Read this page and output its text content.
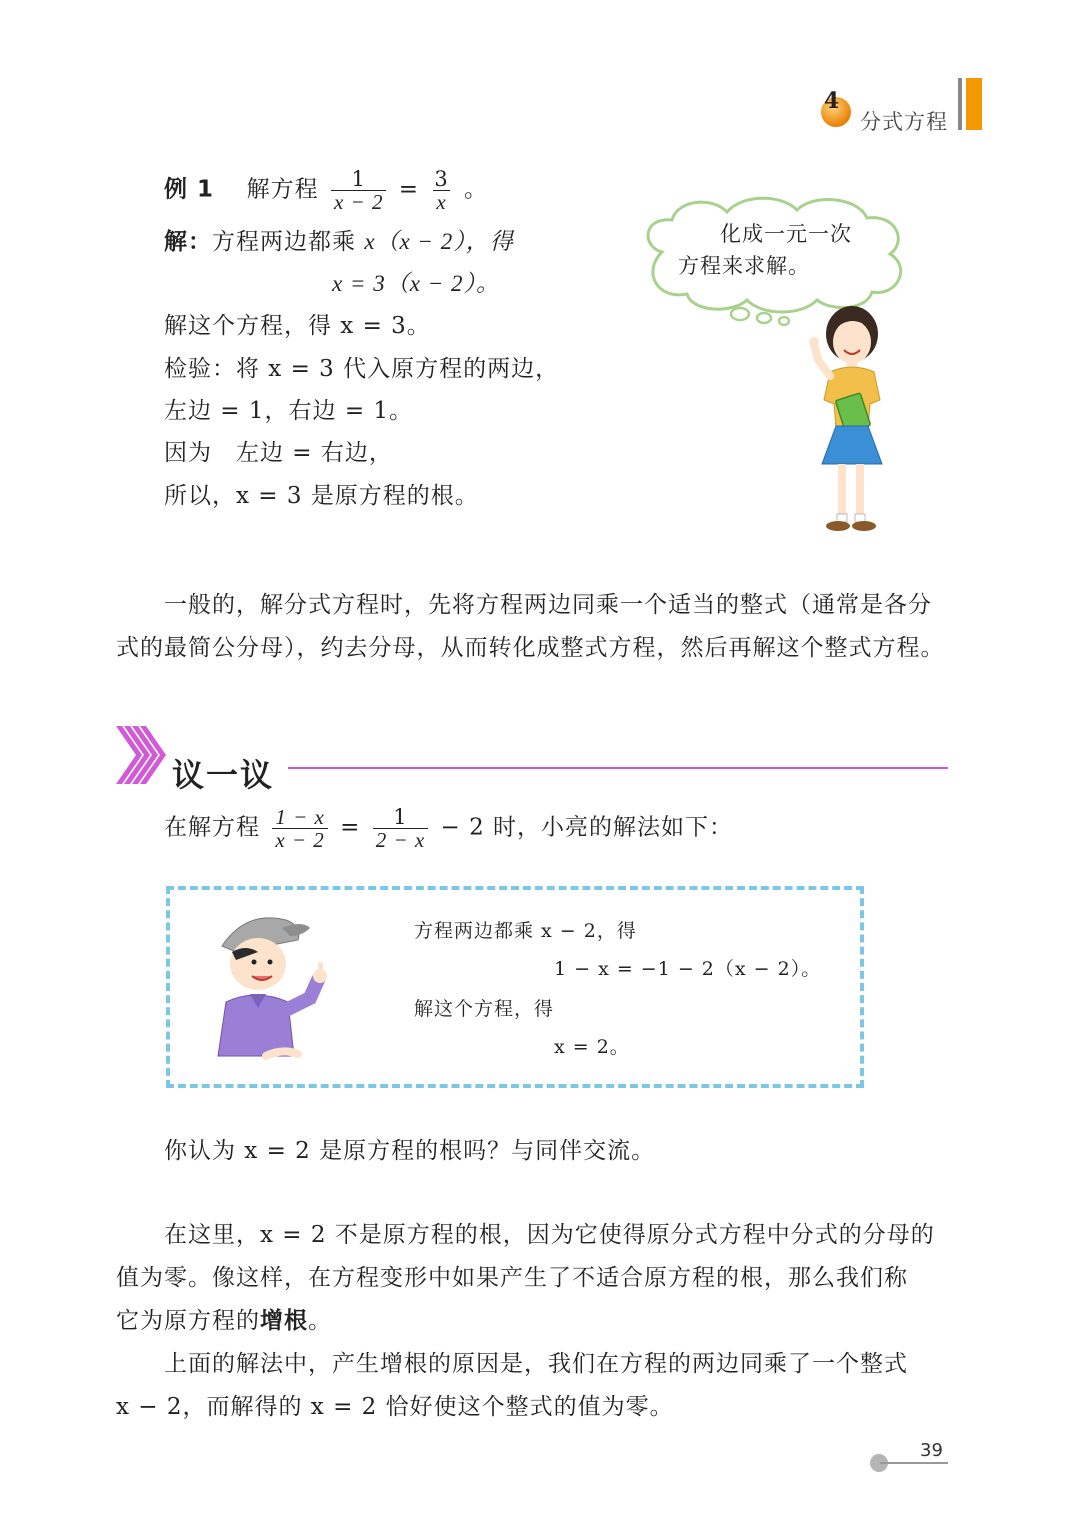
4
分式方程
例 1 解方程 $\frac{1}{x - 2} = \frac{3}{x}$ 。
解：方程两边都乘 x（x − 2），得
x = 3（x − 2）。
解这个方程，得 x = 3。
检验：将 x = 3 代入原方程的两边，
左边 = 1，右边 = 1。
因为　左边 = 右边，
所以，x = 3 是原方程的根。
化成一元一次
方程来求解。
一般的，解分式方程时，先将方程两边同乘一个适当的整式（通常是各分
式的最简公分母），约去分母，从而转化成整式方程，然后再解这个整式方程。
议一议
在解方程 $\frac{1 - x}{x - 2} = \frac{1}{2 - x} - 2$ 时，小亮的解法如下：
方程两边都乘 x − 2，得
1 − x = −1 − 2（x − 2）。
解这个方程，得
x = 2。
你认为 x = 2 是原方程的根吗？与同伴交流。
在这里，x = 2 不是原方程的根，因为它使得原分式方程中分式的分母的
值为零。像这样，在方程变形中如果产生了不适合原方程的根，那么我们称
它为原方程的增根。
上面的解法中，产生增根的原因是，我们在方程的两边同乘了一个整式
x − 2，而解得的 x = 2 恰好使这个整式的值为零。
39
